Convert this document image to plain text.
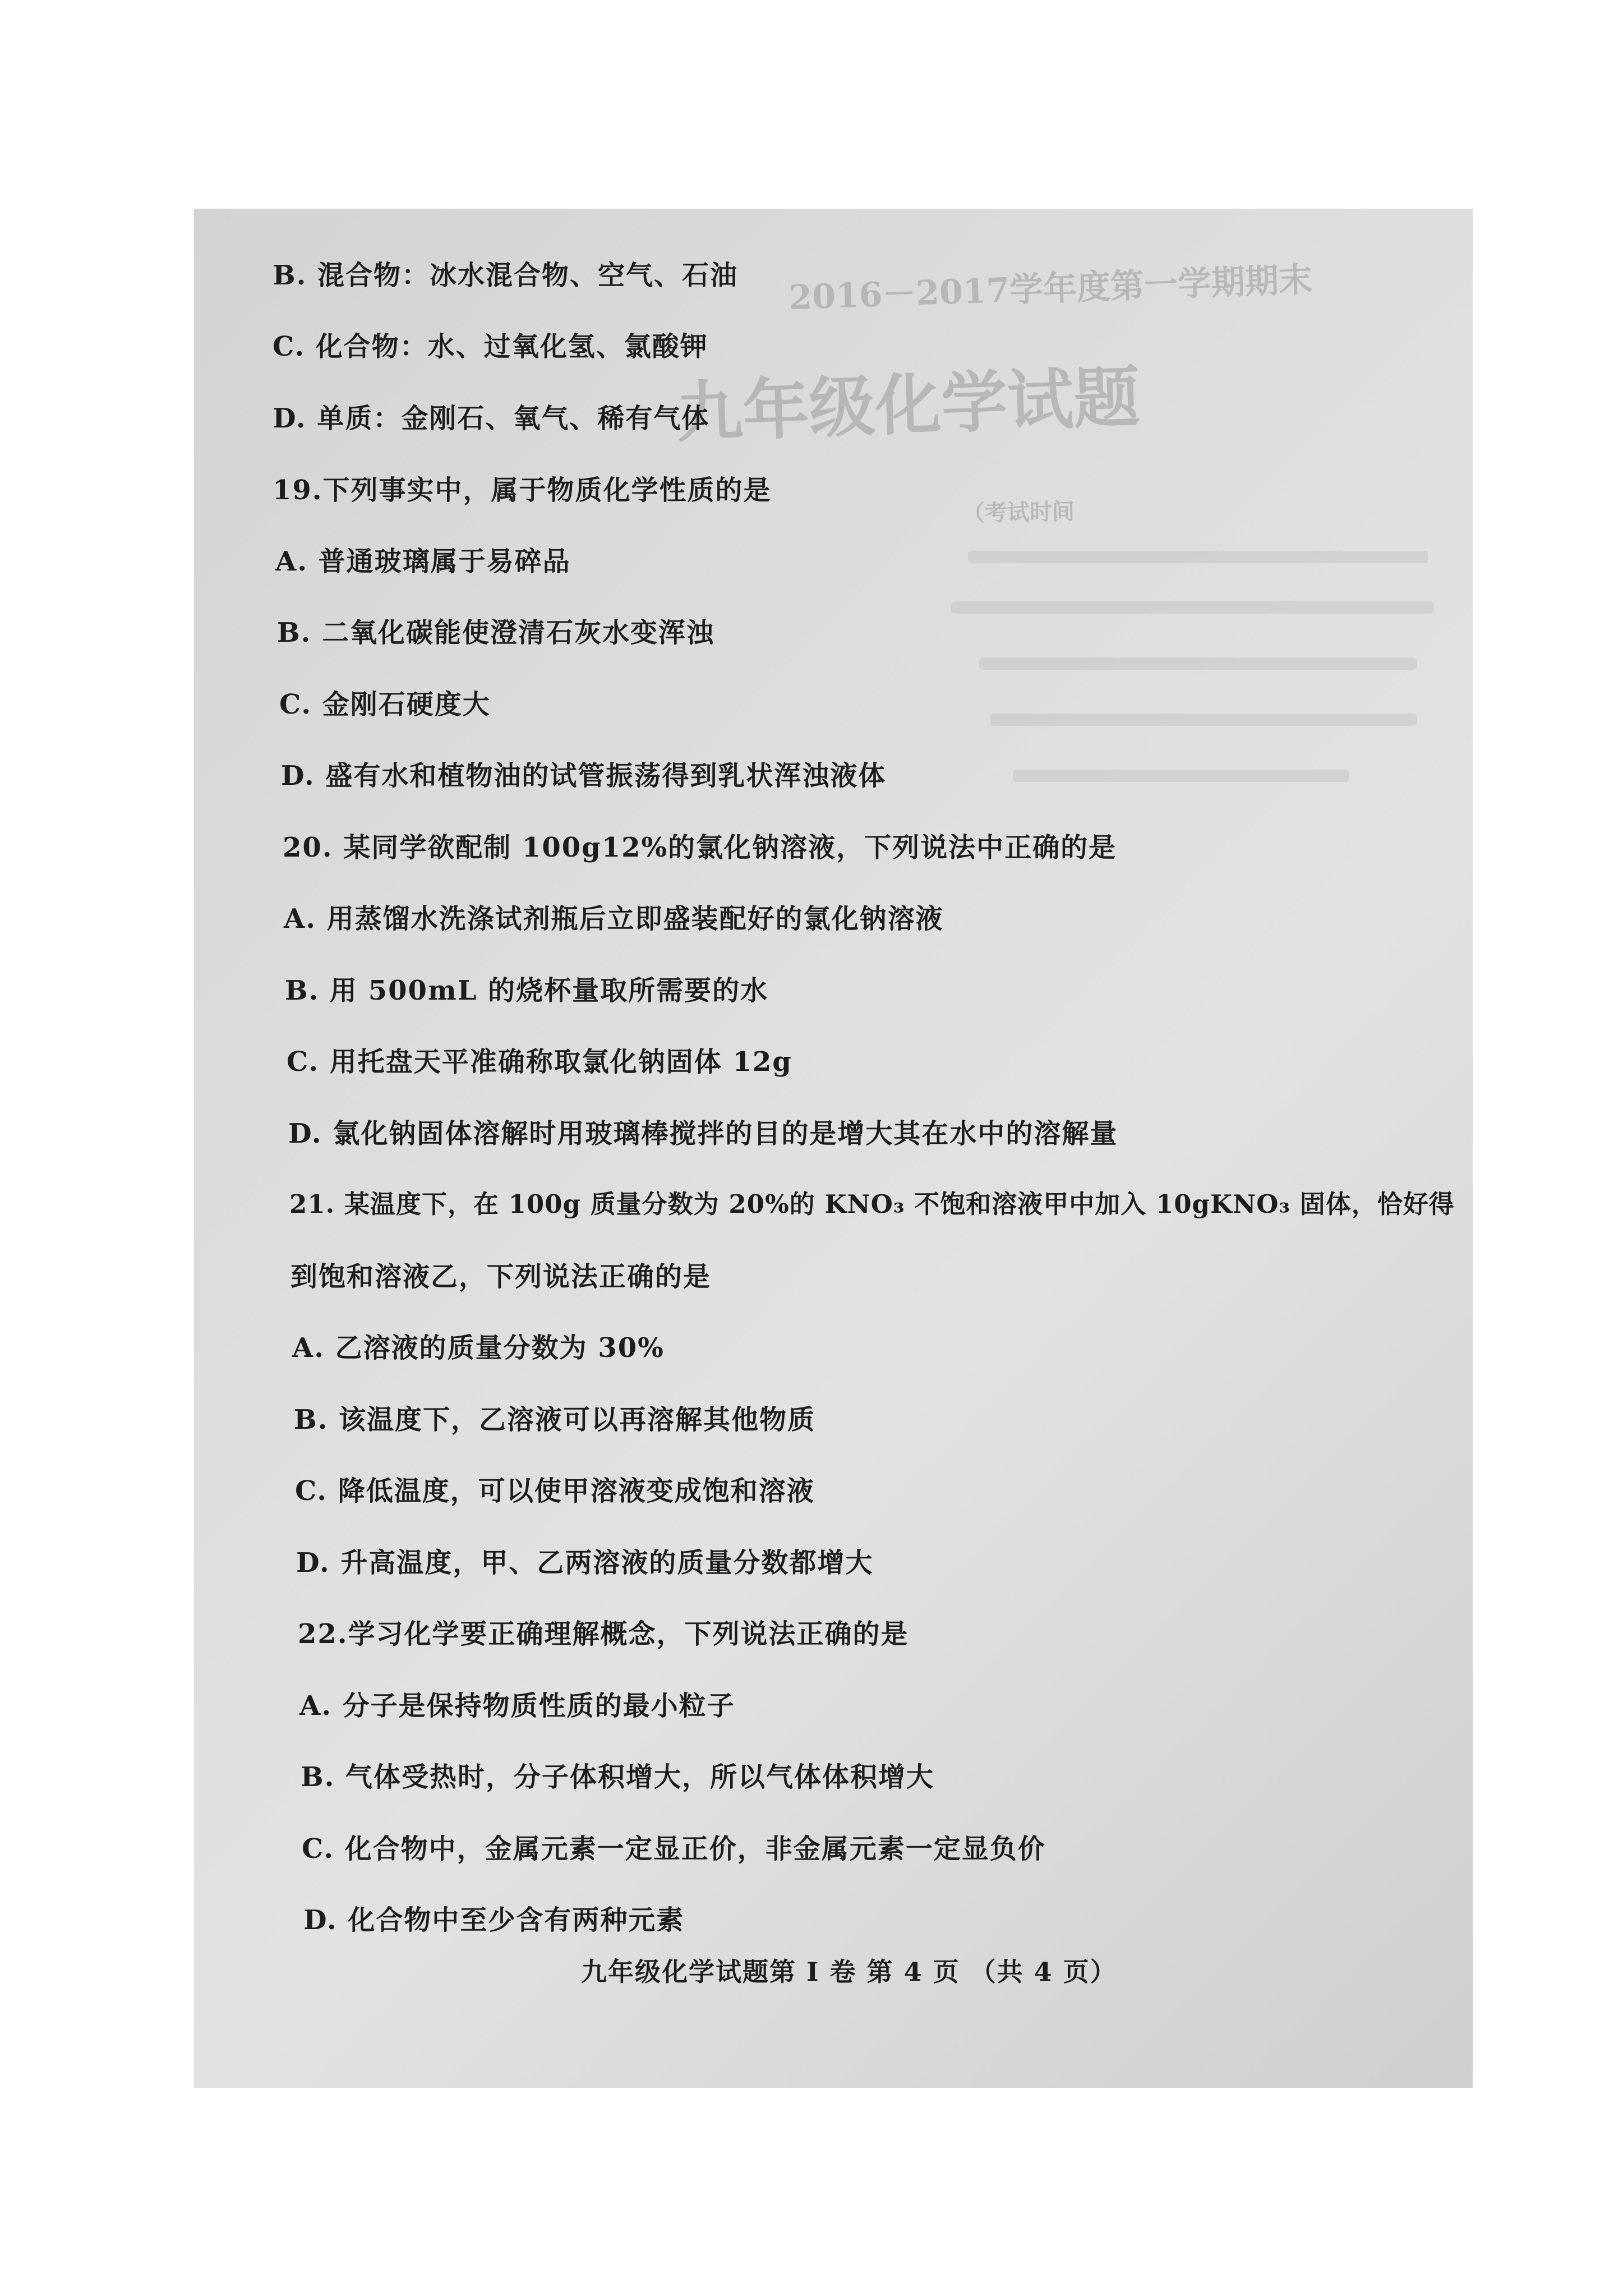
2016－2017学年度第一学期期末
九年级化学试题
（考试时间

B. 混合物：冰水混合物、空气、石油

C. 化合物：水、过氧化氢、氯酸钾

D. 单质：金刚石、氧气、稀有气体

19.下列事实中，属于物质化学性质的是

A. 普通玻璃属于易碎品

B. 二氧化碳能使澄清石灰水变浑浊

C. 金刚石硬度大

D. 盛有水和植物油的试管振荡得到乳状浑浊液体

20. 某同学欲配制 100g12%的氯化钠溶液，下列说法中正确的是

A. 用蒸馏水洗涤试剂瓶后立即盛装配好的氯化钠溶液

B. 用 500mL 的烧杯量取所需要的水

C. 用托盘天平准确称取氯化钠固体 12g

D. 氯化钠固体溶解时用玻璃棒搅拌的目的是增大其在水中的溶解量

21. 某温度下，在 100g 质量分数为 20%的 KNO₃ 不饱和溶液甲中加入 10gKNO₃ 固体，恰好得

到饱和溶液乙，下列说法正确的是

A. 乙溶液的质量分数为 30%

B. 该温度下，乙溶液可以再溶解其他物质

C. 降低温度，可以使甲溶液变成饱和溶液

D. 升高温度，甲、乙两溶液的质量分数都增大

22.学习化学要正确理解概念，下列说法正确的是

A. 分子是保持物质性质的最小粒子

B. 气体受热时，分子体积增大，所以气体体积增大

C. 化合物中，金属元素一定显正价，非金属元素一定显负价

D. 化合物中至少含有两种元素

九年级化学试题第 I 卷 第 4 页 （共 4 页）
